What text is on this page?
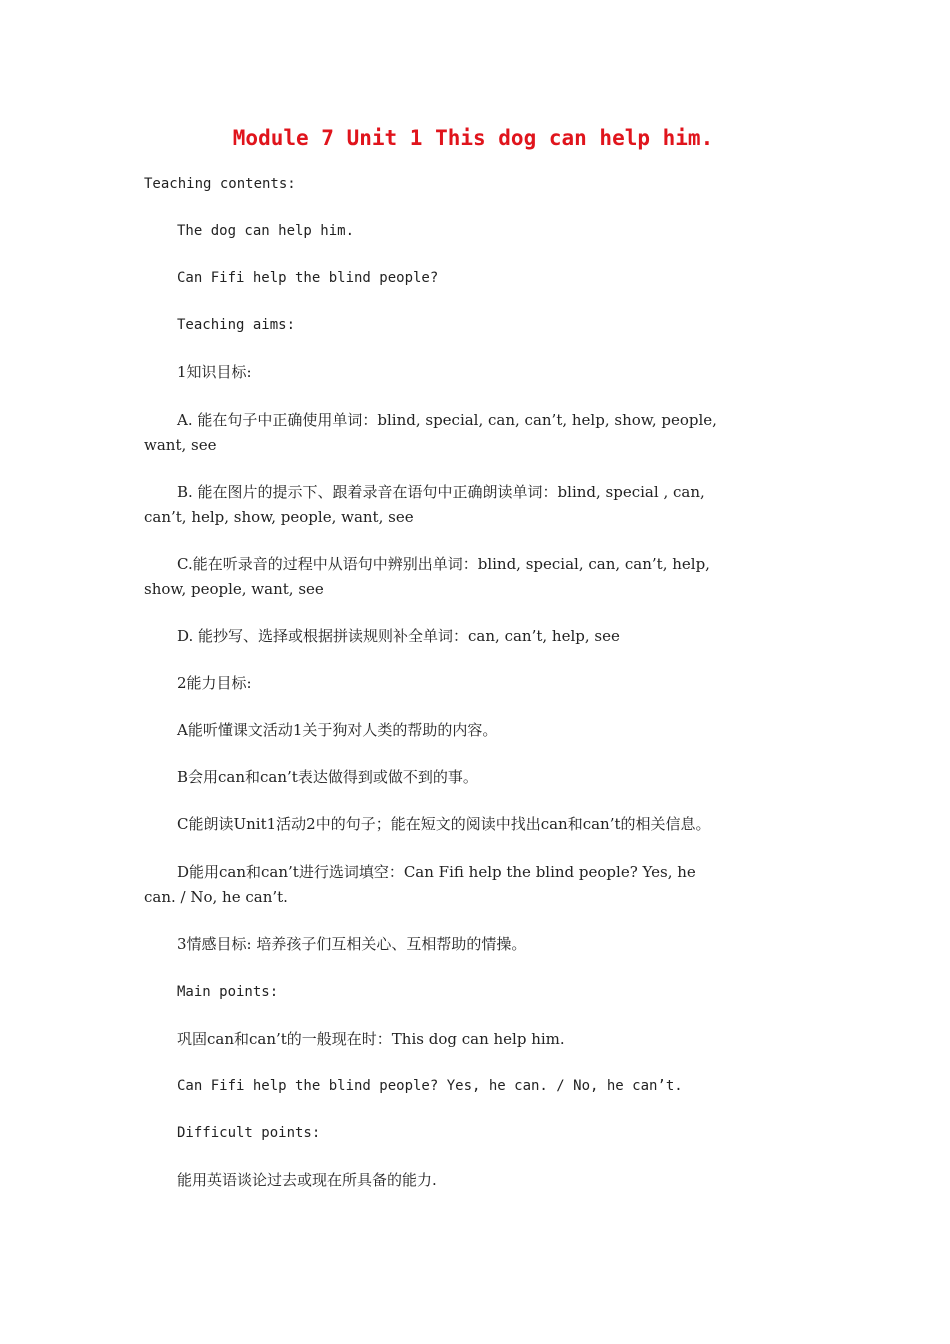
Module 7 Unit 1 This dog can help him.
Teaching contents:
The dog can help him.
Can Fifi help the blind people?
Teaching aims:
1知识目标:
A. 能在句子中正确使用单词：blind, special, can, can’t, help, show, people,
want, see
B. 能在图片的提示下、跟着录音在语句中正确朗读单词：blind, special , can,
can’t, help, show, people, want, see
C.能在听录音的过程中从语句中辨别出单词：blind, special, can, can’t, help,
show, people, want, see
D. 能抄写、选择或根据拼读规则补全单词：can, can’t, help, see
2能力目标:
A能听懂课文活动1关于狗对人类的帮助的内容。
B会用can和can’t表达做得到或做不到的事。
C能朗读Unit1活动2中的句子；能在短文的阅读中找出can和can’t的相关信息。
D能用can和can’t进行选词填空：Can Fifi help the blind people? Yes, he
can. / No, he can’t.
3情感目标: 培养孩子们互相关心、互相帮助的情操。
Main points:
巩固can和can’t的一般现在时：This dog can help him.
Can Fifi help the blind people? Yes, he can. / No, he can’t.
Difficult points:
能用英语谈论过去或现在所具备的能力.
